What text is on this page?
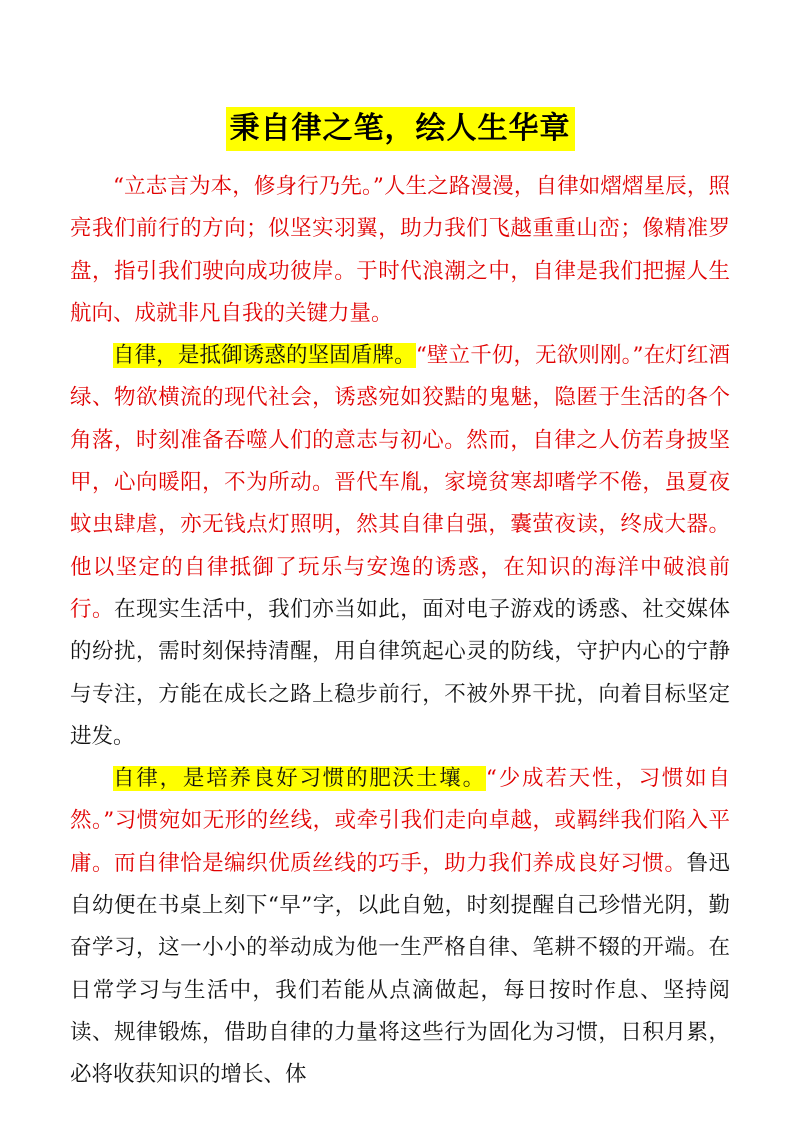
秉自律之笔，绘人生华章

“立志言为本，修身行乃先。”人生之路漫漫，自律如熠熠星辰，照亮我们前行的方向；似坚实羽翼，助力我们飞越重重山峦；像精准罗盘，指引我们驶向成功彼岸。于时代浪潮之中，自律是我们把握人生航向、成就非凡自我的关键力量。

自律，是抵御诱惑的坚固盾牌。“壁立千仞，无欲则刚。”在灯红酒绿、物欲横流的现代社会，诱惑宛如狡黠的鬼魅，隐匿于生活的各个角落，时刻准备吞噬人们的意志与初心。然而，自律之人仿若身披坚甲，心向暖阳，不为所动。晋代车胤，家境贫寒却嗜学不倦，虽夏夜蚊虫肆虐，亦无钱点灯照明，然其自律自强，囊萤夜读，终成大器。他以坚定的自律抵御了玩乐与安逸的诱惑，在知识的海洋中破浪前行。在现实生活中，我们亦当如此，面对电子游戏的诱惑、社交媒体的纷扰，需时刻保持清醒，用自律筑起心灵的防线，守护内心的宁静与专注，方能在成长之路上稳步前行，不被外界干扰，向着目标坚定进发。

自律，是培养良好习惯的肥沃土壤。“少成若天性，习惯如自然。”习惯宛如无形的丝线，或牵引我们走向卓越，或羁绊我们陷入平庸。而自律恰是编织优质丝线的巧手，助力我们养成良好习惯。鲁迅自幼便在书桌上刻下“早”字，以此自勉，时刻提醒自己珍惜光阴，勤奋学习，这一小小的举动成为他一生严格自律、笔耕不辍的开端。在日常学习与生活中，我们若能从点滴做起，每日按时作息、坚持阅读、规律锻炼，借助自律的力量将这些行为固化为习惯，日积月累，必将收获知识的增长、体
